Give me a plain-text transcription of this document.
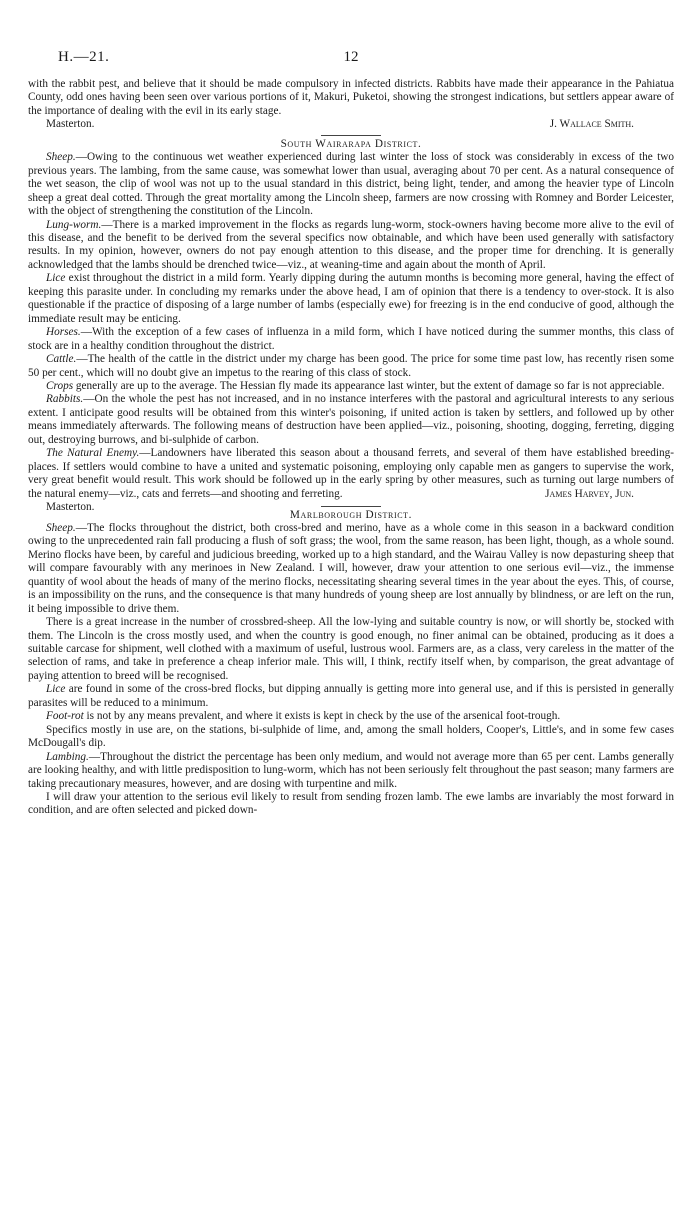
H.—21.	12

with the rabbit pest, and believe that it should be made compulsory in infected districts. Rabbits have made their appearance in the Pahiatua County, odd ones having been seen over various portions of it, Makuri, Puketoi, showing the strongest indications, but settlers appear aware of the importance of dealing with the evil in its early stage.

Masterton.	J. Wallace Smith.

South Wairarapa District.

Sheep.—Owing to the continuous wet weather experienced during last winter the loss of stock was considerably in excess of the two previous years. The lambing, from the same cause, was somewhat lower than usual, averaging about 70 per cent. As a natural consequence of the wet season, the clip of wool was not up to the usual standard in this district, being light, tender, and among the heavier type of Lincoln sheep a great deal cotted. Through the great mortality among the Lincoln sheep, farmers are now crossing with Romney and Border Leicester, with the object of strengthening the constitution of the Lincoln.

Lung-worm.—There is a marked improvement in the flocks as regards lung-worm, stock-owners having become more alive to the evil of this disease, and the benefit to be derived from the several specifics now obtainable, and which have been used generally with satisfactory results. In my opinion, however, owners do not pay enough attention to this disease, and the proper time for drenching. It is generally acknowledged that the lambs should be drenched twice—viz., at weaning-time and again about the month of April.

Lice exist throughout the district in a mild form. Yearly dipping during the autumn months is becoming more general, having the effect of keeping this parasite under. In concluding my remarks under the above head, I am of opinion that there is a tendency to over-stock. It is also questionable if the practice of disposing of a large number of lambs (especially ewe) for freezing is in the end conducive of good, although the immediate result may be enticing.

Horses.—With the exception of a few cases of influenza in a mild form, which I have noticed during the summer months, this class of stock are in a healthy condition throughout the district.

Cattle.—The health of the cattle in the district under my charge has been good. The price for some time past low, has recently risen some 50 per cent., which will no doubt give an impetus to the rearing of this class of stock.

Crops generally are up to the average. The Hessian fly made its appearance last winter, but the extent of damage so far is not appreciable.

Rabbits.—On the whole the pest has not increased, and in no instance interferes with the pastoral and agricultural interests to any serious extent. I anticipate good results will be obtained from this winter's poisoning, if united action is taken by settlers, and followed up by other means immediately afterwards. The following means of destruction have been applied—viz., poisoning, shooting, dogging, ferreting, digging out, destroying burrows, and bi-sulphide of carbon.

The Natural Enemy.—Landowners have liberated this season about a thousand ferrets, and several of them have established breeding-places. If settlers would combine to have a united and systematic poisoning, employing only capable men as gangers to supervise the work, very great benefit would result. This work should be followed up in the early spring by other measures, such as turning out large numbers of the natural enemy—viz., cats and ferrets—and shooting and ferreting.	James Harvey, Jun.

Masterton.

Marlborough District.

Sheep.—The flocks throughout the district, both cross-bred and merino, have as a whole come in this season in a backward condition owing to the unprecedented rain fall producing a flush of soft grass; the wool, from the same reason, has been light, though, as a whole sound. Merino flocks have been, by careful and judicious breeding, worked up to a high standard, and the Wairau Valley is now depasturing sheep that will compare favourably with any merinoes in New Zealand. I will, however, draw your attention to one serious evil—viz., the immense quantity of wool about the heads of many of the merino flocks, necessitating shearing several times in the year about the eyes. This, of course, is an impossibility on the runs, and the consequence is that many hundreds of young sheep are lost annually by blindness, or are left on the run, it being impossible to drive them.

There is a great increase in the number of crossbred-sheep. All the low-lying and suitable country is now, or will shortly be, stocked with them. The Lincoln is the cross mostly used, and when the country is good enough, no finer animal can be obtained, producing as it does a suitable carcase for shipment, well clothed with a maximum of useful, lustrous wool. Farmers are, as a class, very careless in the matter of the selection of rams, and take in preference a cheap inferior male. This will, I think, rectify itself when, by comparison, the great advantage of paying attention to breed will be recognised.

Lice are found in some of the cross-bred flocks, but dipping annually is getting more into general use, and if this is persisted in generally parasites will be reduced to a minimum.

Foot-rot is not by any means prevalent, and where it exists is kept in check by the use of the arsenical foot-trough.

Specifics mostly in use are, on the stations, bi-sulphide of lime, and, among the small holders, Cooper's, Little's, and in some few cases McDougall's dip.

Lambing.—Throughout the district the percentage has been only medium, and would not average more than 65 per cent. Lambs generally are looking healthy, and with little predisposition to lung-worm, which has not been seriously felt throughout the past season; many farmers are taking precautionary measures, however, and are dosing with turpentine and milk.

I will draw your attention to the serious evil likely to result from sending frozen lamb. The ewe lambs are invariably the most forward in condition, and are often selected and picked down-
